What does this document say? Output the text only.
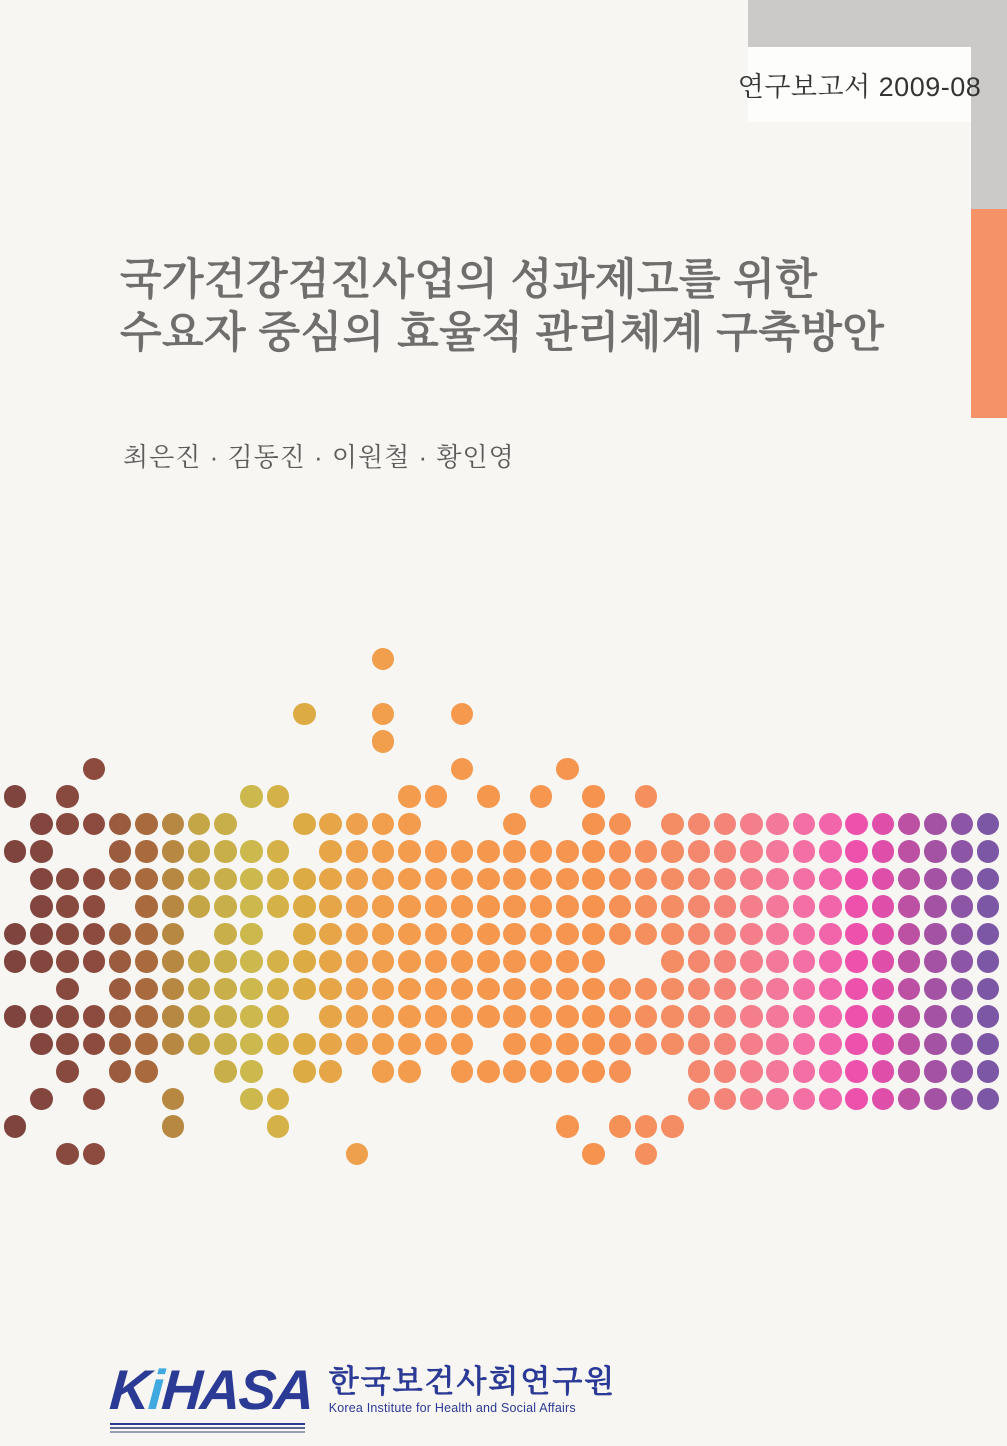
연구보고서 2009-08
국가건강검진사업의 성과제고를 위한
수요자 중심의 효율적 관리체계 구축방안
최은진 · 김동진 · 이원철 · 황인영
KiHASA 한국보건사회연구원
Korea Institute for Health and Social Affairs
